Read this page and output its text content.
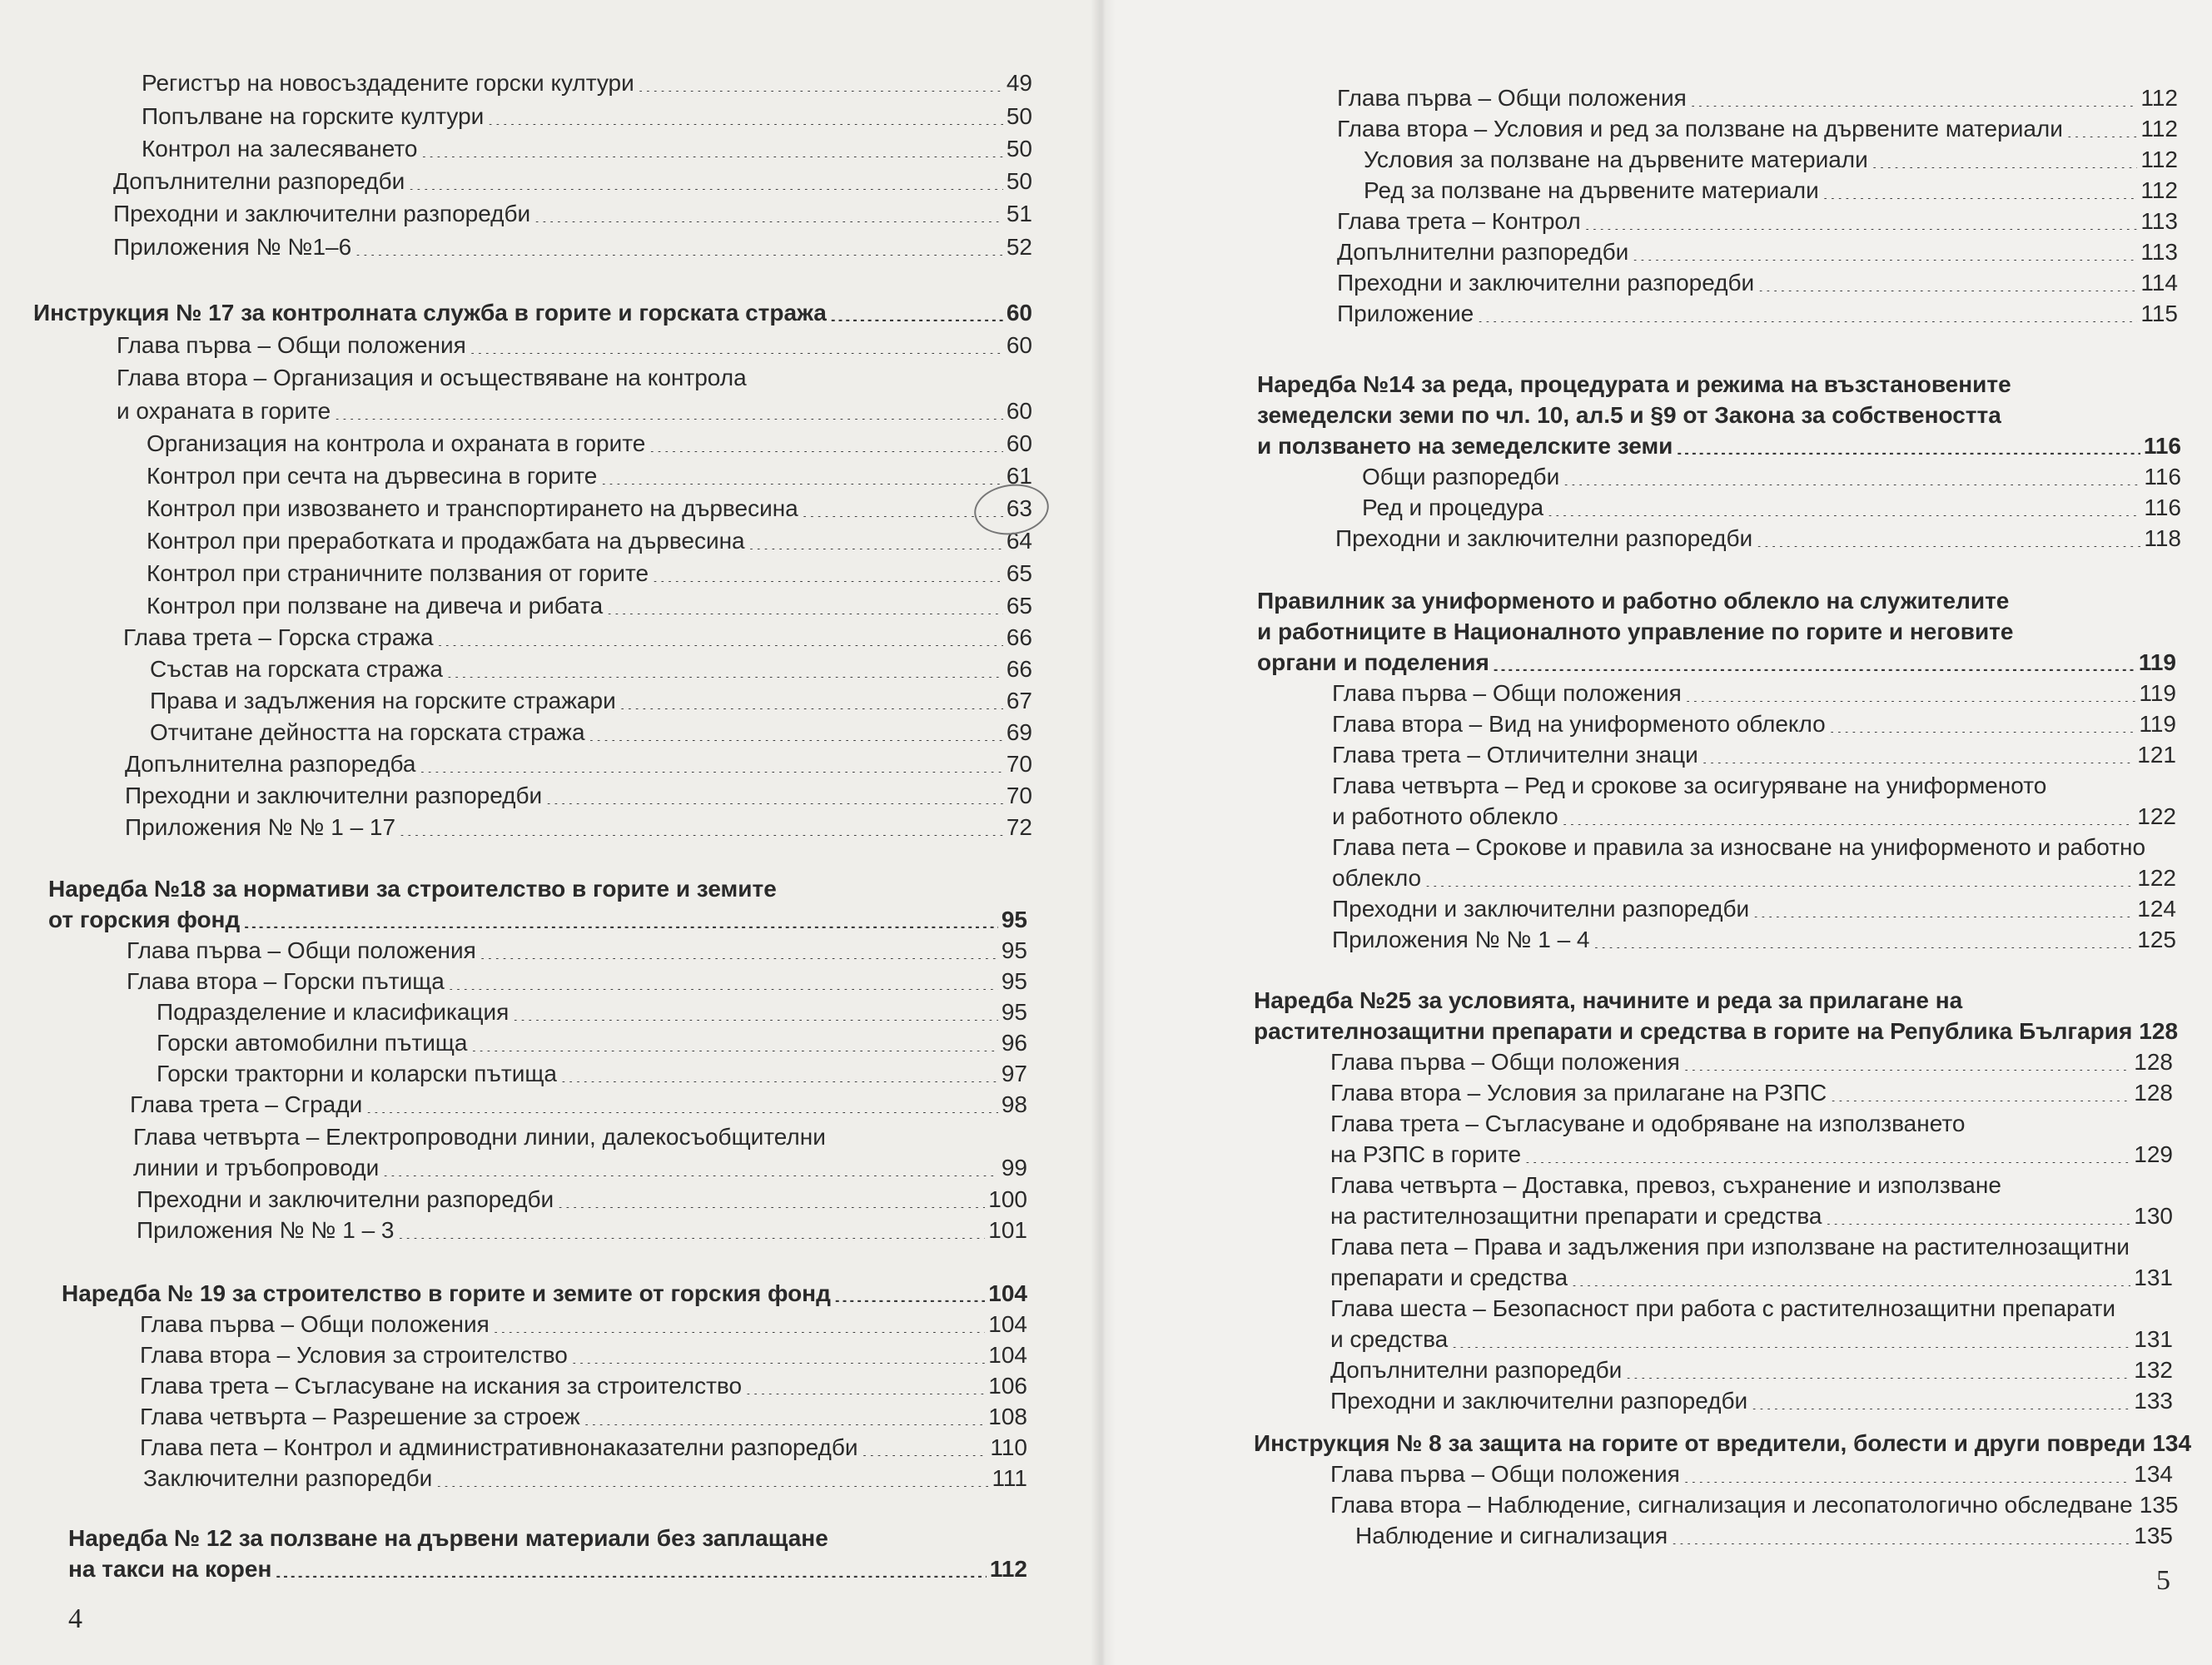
Регистър на новосъздадените горски култури .....	49
Попълване на горските култури .....	50
Контрол на залесяването .....	50
Допълнителни разпоредби .....	50
Преходни и заключителни разпоредби .....	51
Приложения № №1–6 .....	52
Инструкция № 17 за контролната служба в горите и горската стража .....	60
Глава първа – Общи положения .....	60
Глава втора – Организация и осъществяване на контрола
и охраната в горите .....	60
Организация на контрола и охраната в горите .....	60
Контрол при сечта на дървесина в горите .....	61
Контрол при извозването и транспортирането на дървесина .....	63
Контрол при преработката и продажбата на дървесина .....	64
Контрол при страничните ползвания от горите .....	65
Контрол при ползване на дивеча и рибата .....	65
Глава трета – Горска стража .....	66
Състав на горската стража .....	66
Права и задължения на горските стражари .....	67
Отчитане дейността на горската стража .....	69
Допълнителна разпоредба .....	70
Преходни и заключителни разпоредби .....	70
Приложения № № 1 – 17 .....	72
Наредба №18 за нормативи за строителство в горите и земите
от горския фонд .....	95
Глава първа – Общи положения .....	95
Глава втора – Горски пътища .....	95
Подразделение и класификация .....	95
Горски автомобилни пътища .....	96
Горски тракторни и коларски пътища .....	97
Глава трета – Сгради .....	98
Глава четвърта – Електропроводни линии, далекосъобщителни
линии и тръбопроводи .....	99
Преходни и заключителни разпоредби .....	100
Приложения № № 1 – 3 .....	101
Наредба № 19 за строителство в горите и земите от горския фонд .....	104
Глава първа – Общи положения .....	104
Глава втора – Условия за строителство .....	104
Глава трета – Съгласуване на искания за строителство .....	106
Глава четвърта – Разрешение за строеж .....	108
Глава пета – Контрол и административнонаказателни разпоредби .....	110
Заключителни разпоредби .....	111
Наредба № 12 за ползване на дървени материали без заплащане
на такси на корен .....	112
4
Глава първа – Общи положения .....	112
Глава втора – Условия и ред за ползване на дървените материали .....	112
Условия за ползване на дървените материали .....	112
Ред за ползване на дървените материали .....	112
Глава трета – Контрол .....	113
Допълнителни разпоредби .....	113
Преходни и заключителни разпоредби .....	114
Приложение .....	115
Наредба №14 за реда, процедурата и режима на възстановените
земеделски земи по чл. 10, ал.5 и §9 от Закона за собствеността
и ползването на земеделските земи .....	116
Общи разпоредби .....	116
Ред и процедура .....	116
Преходни и заключителни разпоредби .....	118
Правилник за униформеното и работно облекло на служителите
и работниците в Националното управление по горите и неговите
органи и поделения .....	119
Глава първа – Общи положения .....	119
Глава втора – Вид на униформеното облекло .....	119
Глава трета – Отличителни знаци .....	121
Глава четвърта – Ред и срокове за осигуряване на униформеното
и работното облекло .....	122
Глава пета – Срокове и правила за износване на униформеното и работно
облекло .....	122
Преходни и заключителни разпоредби .....	124
Приложения № № 1 – 4 .....	125
Наредба №25 за условията, начините и реда за прилагане на
растителнозащитни препарати и средства в горите на Република България 128
Глава първа – Общи положения .....	128
Глава втора – Условия за прилагане на РЗПС .....	128
Глава трета – Съгласуване и одобряване на използването
на РЗПС в горите .....	129
Глава четвърта – Доставка, превоз, съхранение и използване
на растителнозащитни препарати и средства .....	130
Глава пета – Права и задължения при използване на растителнозащитни
препарати и средства .....	131
Глава шеста – Безопасност при работа с растителнозащитни препарати
и средства .....	131
Допълнителни разпоредби .....	132
Преходни и заключителни разпоредби .....	133
Инструкция № 8 за защита на горите от вредители, болести и други повреди 134
Глава първа – Общи положения .....	134
Глава втора – Наблюдение, сигнализация и лесопатологично обследване 135
Наблюдение и сигнализация .....	135
5
